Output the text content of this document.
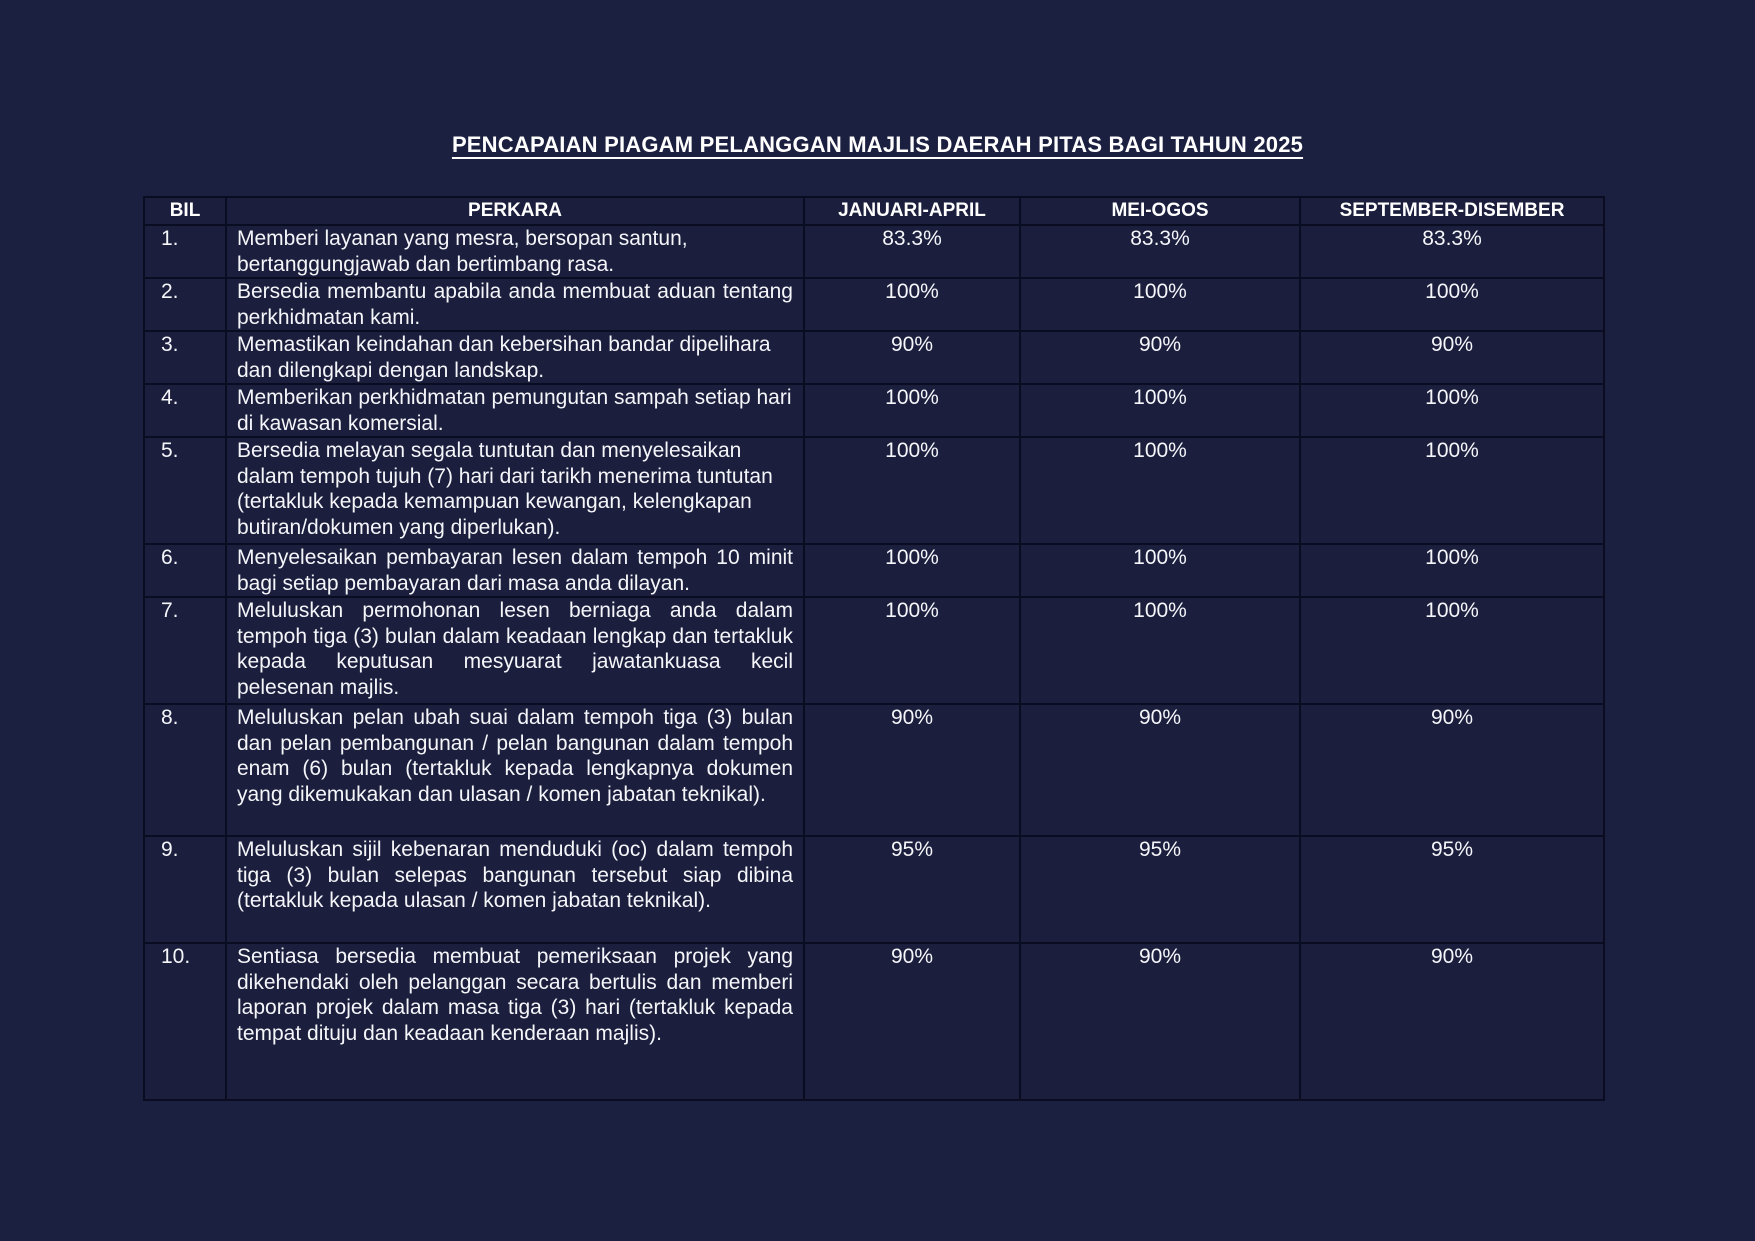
PENCAPAIAN PIAGAM PELANGGAN MAJLIS DAERAH PITAS BAGI TAHUN 2025
BIL	PERKARA	JANUARI-APRIL	MEI-OGOS	SEPTEMBER-DISEMBER
1.	Memberi layanan yang mesra, bersopan santun, bertanggungjawab dan bertimbang rasa.	83.3%	83.3%	83.3%
2.	Bersedia membantu apabila anda membuat aduan tentang perkhidmatan kami.	100%	100%	100%
3.	Memastikan keindahan dan kebersihan bandar dipelihara dan dilengkapi dengan landskap.	90%	90%	90%
4.	Memberikan perkhidmatan pemungutan sampah setiap hari di kawasan komersial.	100%	100%	100%
5.	Bersedia melayan segala tuntutan dan menyelesaikan dalam tempoh tujuh (7) hari dari tarikh menerima tuntutan (tertakluk kepada kemampuan kewangan, kelengkapan butiran/dokumen yang diperlukan).	100%	100%	100%
6.	Menyelesaikan pembayaran lesen dalam tempoh 10 minit bagi setiap pembayaran dari masa anda dilayan.	100%	100%	100%
7.	Meluluskan permohonan lesen berniaga anda dalam tempoh tiga (3) bulan dalam keadaan lengkap dan tertakluk kepada keputusan mesyuarat jawatankuasa kecil pelesenan majlis.	100%	100%	100%
8.	Meluluskan pelan ubah suai dalam tempoh tiga (3) bulan dan pelan pembangunan / pelan bangunan dalam tempoh enam (6) bulan (tertakluk kepada lengkapnya dokumen yang dikemukakan dan ulasan / komen jabatan teknikal).	90%	90%	90%
9.	Meluluskan sijil kebenaran menduduki (oc) dalam tempoh tiga (3) bulan selepas bangunan tersebut siap dibina (tertakluk kepada ulasan / komen jabatan teknikal).	95%	95%	95%
10.	Sentiasa bersedia membuat pemeriksaan projek yang dikehendaki oleh pelanggan secara bertulis dan memberi laporan projek dalam masa tiga (3) hari (tertakluk kepada tempat dituju dan keadaan kenderaan majlis).	90%	90%	90%
